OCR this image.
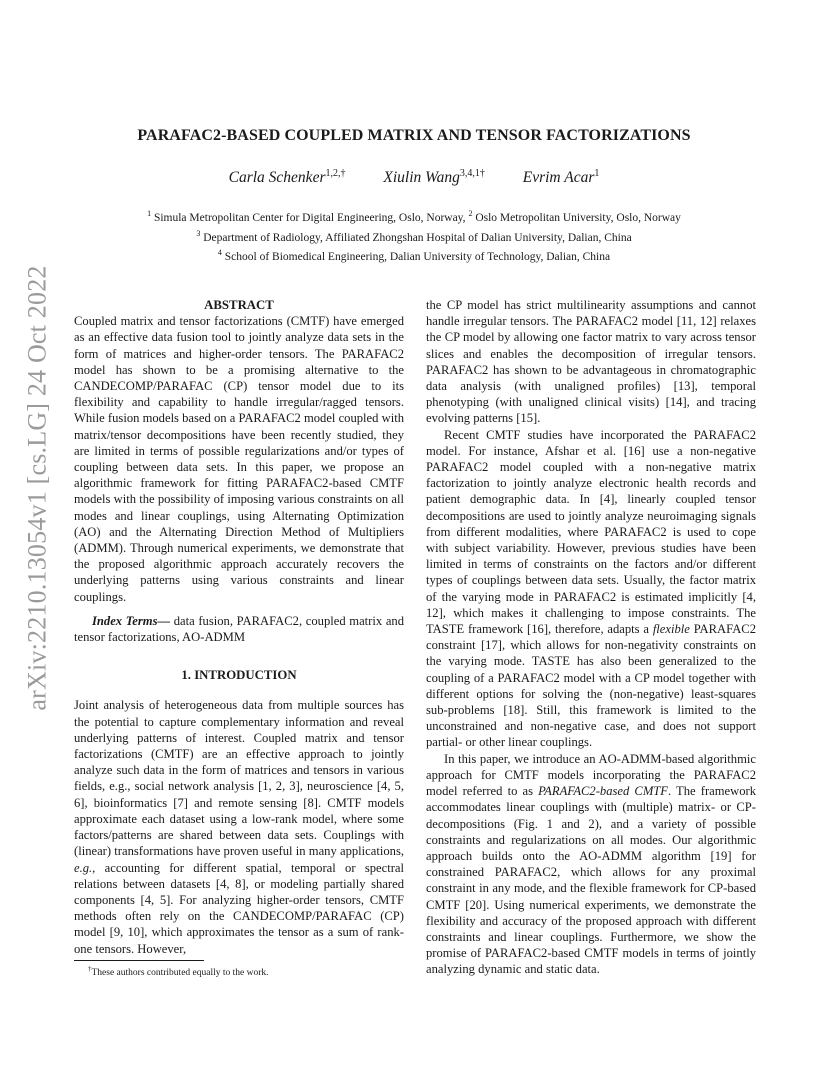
arXiv:2210.13054v1 [cs.LG] 24 Oct 2022
PARAFAC2-BASED COUPLED MATRIX AND TENSOR FACTORIZATIONS
Carla Schenker$^{1,2,\dagger}$ Xiulin Wang$^{3,4,1\dagger}$ Evrim Acar$^1$
$^1$ Simula Metropolitan Center for Digital Engineering, Oslo, Norway, $^2$ Oslo Metropolitan University, Oslo, Norway
$^3$ Department of Radiology, Affiliated Zhongshan Hospital of Dalian University, Dalian, China
$^4$ School of Biomedical Engineering, Dalian University of Technology, Dalian, China

ABSTRACT

Coupled matrix and tensor factorizations (CMTF) have emerged as an effective data fusion tool to jointly analyze data sets in the form of matrices and higher-order tensors. The PARAFAC2 model has shown to be a promising alternative to the CANDECOMP/PARAFAC (CP) tensor model due to its flexibility and capability to handle irregular/ragged tensors. While fusion models based on a PARAFAC2 model coupled with matrix/tensor decompositions have been recently studied, they are limited in terms of possible regularizations and/or types of coupling between data sets. In this paper, we propose an algorithmic framework for fitting PARAFAC2-based CMTF models with the possibility of imposing various constraints on all modes and linear couplings, using Alternating Optimization (AO) and the Alternating Direction Method of Multipliers (ADMM). Through numerical experiments, we demonstrate that the proposed algorithmic approach accurately recovers the underlying patterns using various constraints and linear couplings.

Index Terms— data fusion, PARAFAC2, coupled matrix and tensor factorizations, AO-ADMM

1. INTRODUCTION

Joint analysis of heterogeneous data from multiple sources has the potential to capture complementary information and reveal underlying patterns of interest. Coupled matrix and tensor factorizations (CMTF) are an effective approach to jointly analyze such data in the form of matrices and tensors in various fields, e.g., social network analysis [1, 2, 3], neuroscience [4, 5, 6], bioinformatics [7] and remote sensing [8]. CMTF models approximate each dataset using a low-rank model, where some factors/patterns are shared between data sets. Couplings with (linear) transformations have proven useful in many applications, e.g., accounting for different spatial, temporal or spectral relations between datasets [4, 8], or modeling partially shared components [4, 5]. For analyzing higher-order tensors, CMTF methods often rely on the CANDECOMP/PARAFAC (CP) model [9, 10], which approximates the tensor as a sum of rank-one tensors. However,

the CP model has strict multilinearity assumptions and cannot handle irregular tensors. The PARAFAC2 model [11, 12] relaxes the CP model by allowing one factor matrix to vary across tensor slices and enables the decomposition of irregular tensors. PARAFAC2 has shown to be advantageous in chromatographic data analysis (with unaligned profiles) [13], temporal phenotyping (with unaligned clinical visits) [14], and tracing evolving patterns [15].

Recent CMTF studies have incorporated the PARAFAC2 model. For instance, Afshar et al. [16] use a non-negative PARAFAC2 model coupled with a non-negative matrix factorization to jointly analyze electronic health records and patient demographic data. In [4], linearly coupled tensor decompositions are used to jointly analyze neuroimaging signals from different modalities, where PARAFAC2 is used to cope with subject variability. However, previous studies have been limited in terms of constraints on the factors and/or different types of couplings between data sets. Usually, the factor matrix of the varying mode in PARAFAC2 is estimated implicitly [4, 12], which makes it challenging to impose constraints. The TASTE framework [16], therefore, adapts a flexible PARAFAC2 constraint [17], which allows for non-negativity constraints on the varying mode. TASTE has also been generalized to the coupling of a PARAFAC2 model with a CP model together with different options for solving the (non-negative) least-squares sub-problems [18]. Still, this framework is limited to the unconstrained and non-negative case, and does not support partial- or other linear couplings.

In this paper, we introduce an AO-ADMM-based algorithmic approach for CMTF models incorporating the PARAFAC2 model referred to as PARAFAC2-based CMTF. The framework accommodates linear couplings with (multiple) matrix- or CP-decompositions (Fig. 1 and 2), and a variety of possible constraints and regularizations on all modes. Our algorithmic approach builds onto the AO-ADMM algorithm [19] for constrained PARAFAC2, which allows for any proximal constraint in any mode, and the flexible framework for CP-based CMTF [20]. Using numerical experiments, we demonstrate the flexibility and accuracy of the proposed approach with different constraints and linear couplings. Furthermore, we show the promise of PARAFAC2-based CMTF models in terms of jointly analyzing dynamic and static data.

†These authors contributed equally to the work.
